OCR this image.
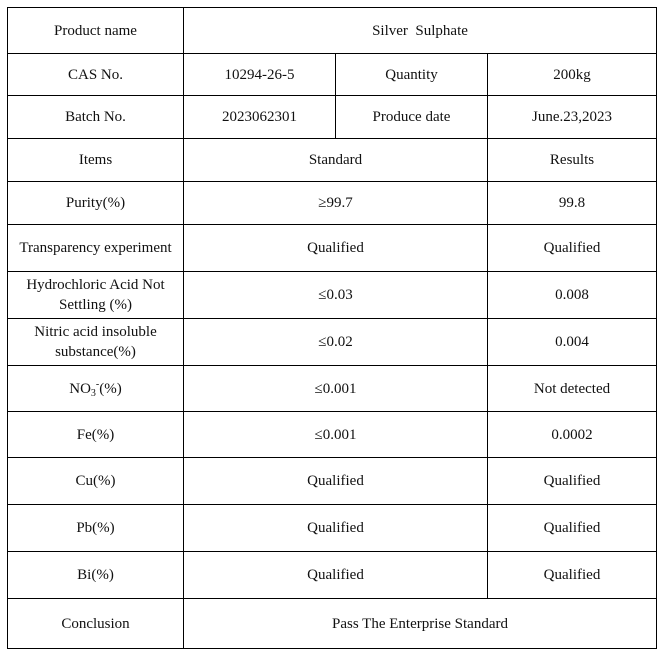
Product name	Silver  Sulphate		
CAS No.	10294-26-5	Quantity	200kg
Batch No.	2023062301	Produce date	June.23,2023
Items	Standard		Results
Purity(%)	≥99.7		99.8
Transparency experiment	Qualified		Qualified
Hydrochloric Acid Not Settling (%)	≤0.03		0.008
Nitric acid insoluble substance(%)	≤0.02		0.004
$NO_3^-(\%)$	≤0.001		Not detected
Fe(%)	≤0.001		0.0002
Cu(%)	Qualified		Qualified
Pb(%)	Qualified		Qualified
Bi(%)	Qualified		Qualified
Conclusion	Pass The Enterprise Standard		
